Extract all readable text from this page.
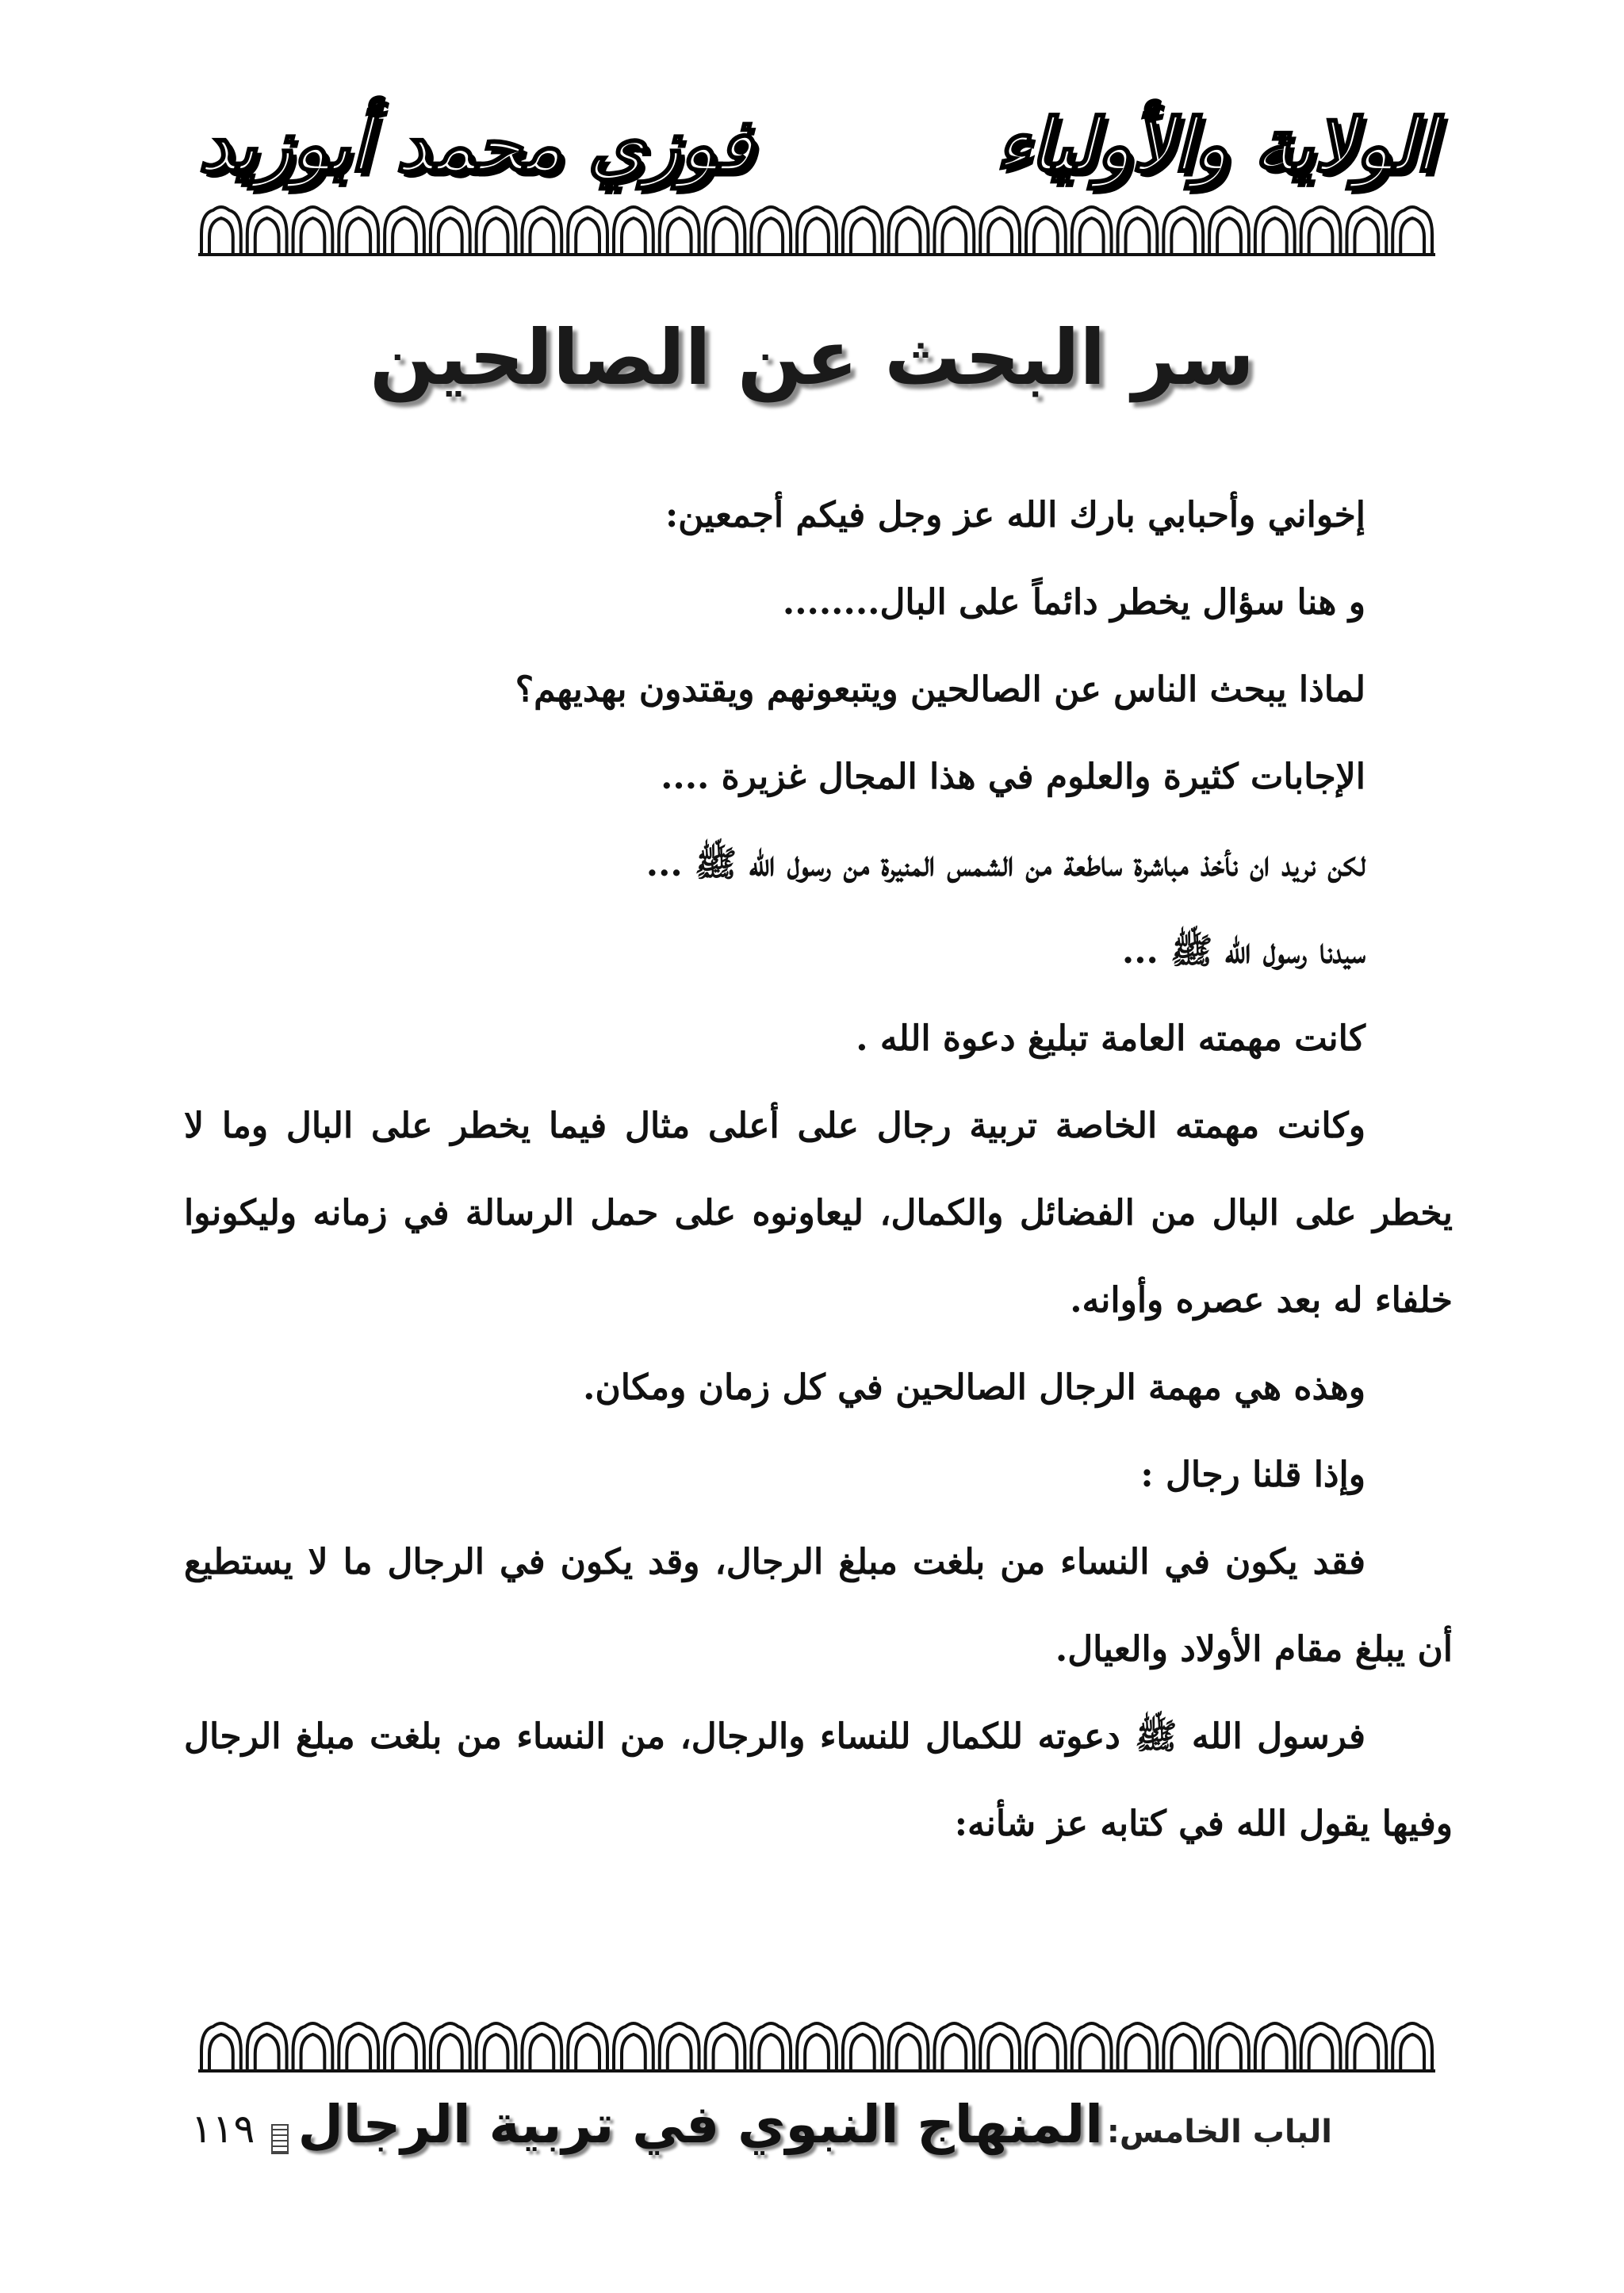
الولاية والأولياء
فوزي محمد أبوزيد
سر البحث عن الصالحين

إخواني وأحبابي بارك الله عز وجل فيكم أجمعين:

و هنا سؤال يخطر دائماً على البال........

لماذا يبحث الناس عن الصالحين ويتبعونهم ويقتدون بهديهم؟

الإجابات كثيرة والعلوم في هذا المجال غزيرة ....

لكن نريد ان نأخذ مباشرة ساطعة من الشمس المنيرة من رسول الله ﷺ ...

سيدنا رسول الله ﷺ ...

كانت مهمته العامة تبليغ دعوة الله .

وكانت مهمته الخاصة تربية رجال على أعلى مثال فيما يخطر على البال وما لا يخطر على البال من الفضائل والكمال، ليعاونوه على حمل الرسالة في زمانه وليكونوا خلفاء له بعد عصره وأوانه.

وهذه هي مهمة الرجال الصالحين في كل زمان ومكان.

وإذا قلنا رجال :

فقد يكون في النساء من بلغت مبلغ الرجال، وقد يكون في الرجال ما لا يستطيع أن يبلغ مقام الأولاد والعيال.

فرسول الله ﷺ دعوته للكمال للنساء والرجال، من النساء من بلغت مبلغ الرجال وفيها يقول الله في كتابه عز شأنه:

الباب الخامس: المنهاج النبوي في تربية الرجال  ١١٩
